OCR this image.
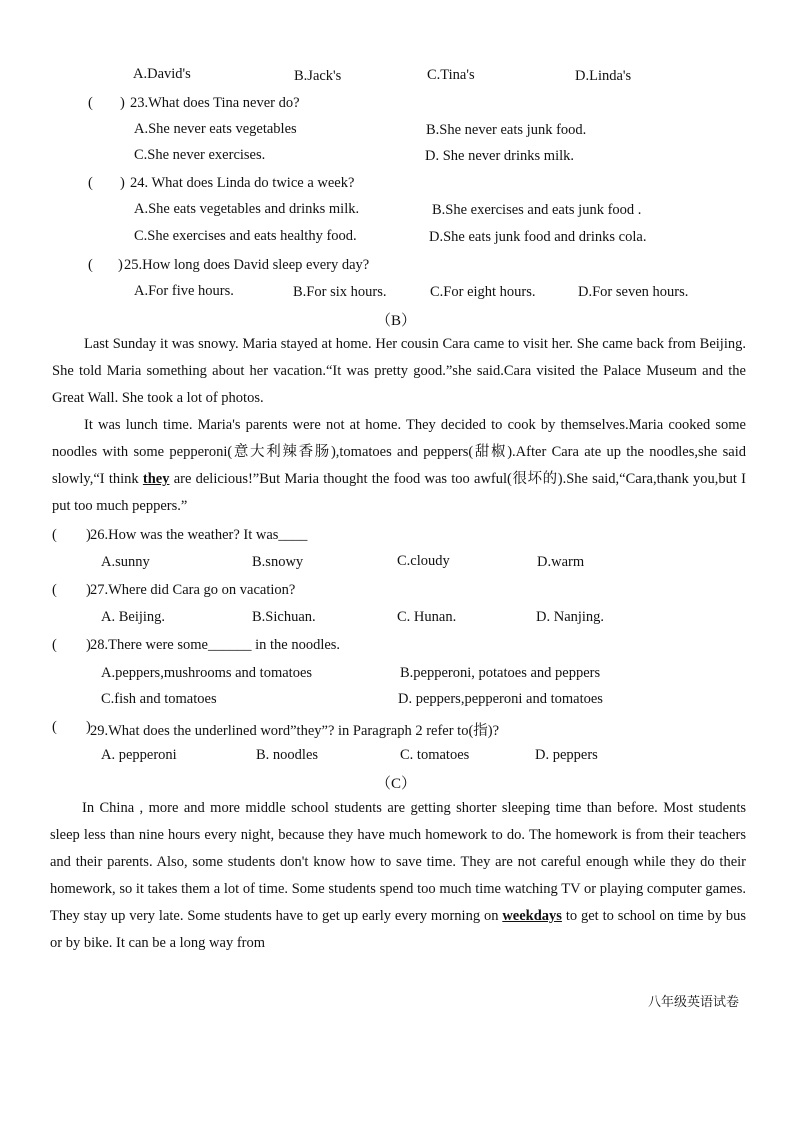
A.David's	B.Jack's	C.Tina's	D.Linda's
( ) 23.What does Tina never do?
A.She never eats vegetables	B.She never eats junk food.
C.She never exercises.	D. She never drinks milk.
( ) 24. What does Linda do twice a week?
A.She eats vegetables and drinks milk.	B.She exercises and eats junk food .
C.She exercises and eats healthy food.	D.She eats junk food and drinks cola.
( ) 25.How long does David sleep every day?
A.For five hours.	B.For six hours.	C.For eight hours.	D.For seven hours.
（B）

Last Sunday it was snowy. Maria stayed at home. Her cousin Cara came to visit her. She came back from Beijing. She told Maria something about her vacation.“It was pretty good.”she said.Cara visited the Palace Museum and the Great Wall. She took a lot of photos.

It was lunch time. Maria's parents were not at home. They decided to cook by themselves.Maria cooked some noodles with some pepperoni(意大利辣香肠),tomatoes and peppers(甜椒).After Cara ate up the noodles,she said slowly,“I think they are delicious!”But Maria thought the food was too awful(很坏的).She said,“Cara,thank you,but I put too much peppers.”

( ) 26.How was the weather? It was____
A.sunny	B.snowy	C.cloudy	D.warm
( ) 27.Where did Cara go on vacation?
A. Beijing.	B.Sichuan.	C. Hunan.	D. Nanjing.
( ) 28.There were some______ in the noodles.
A.peppers,mushrooms and tomatoes	B.pepperoni, potatoes and peppers
C.fish and tomatoes	D. peppers,pepperoni and tomatoes
( ) 29.What does the underlined word”they”? in Paragraph 2 refer to(指)?
A. pepperoni	B. noodles	C. tomatoes	D. peppers
（C）

In China , more and more middle school students are getting shorter sleeping time than before. Most students sleep less than nine hours every night, because they have much homework to do. The homework is from their teachers and their parents. Also, some students don't know how to save time. They are not careful enough while they do their homework, so it takes them a lot of time. Some students spend too much time watching TV or playing computer games. They stay up very late. Some students have to get up early every morning on weekdays to get to school on time by bus or by bike. It can be a long way from

八年级英语试卷
